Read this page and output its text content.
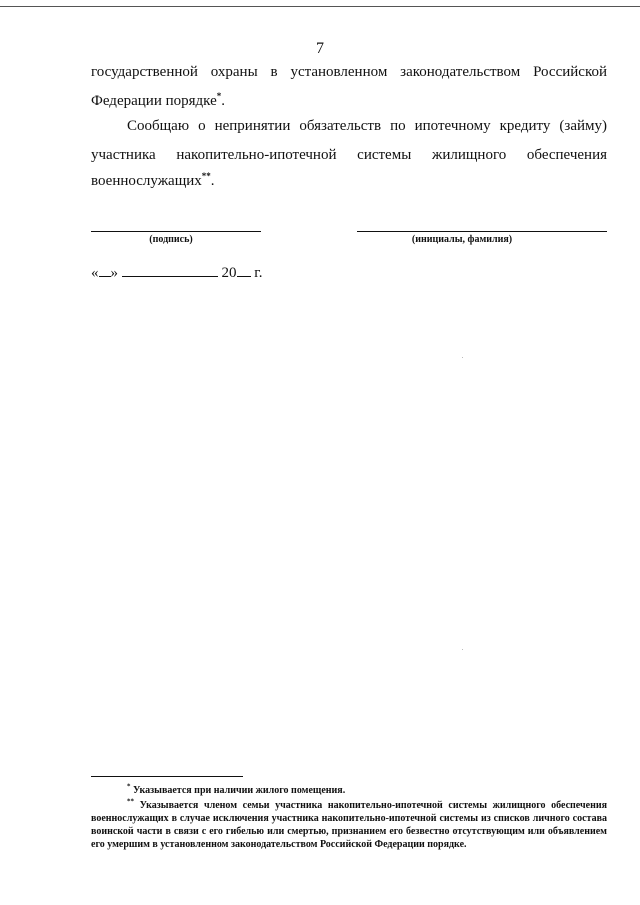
7
государственной охраны в установленном законодательством Российской
Федерации порядке*.
Сообщаю о непринятии обязательств по ипотечному кредиту (займу)
участника накопительно-ипотечной системы жилищного обеспечения
военнослужащих**.
(подпись)	(инициалы, фамилия)
« »	20 г.
* Указывается при наличии жилого помещения.
** Указывается членом семьи участника накопительно-ипотечной системы жилищного обеспечения
военнослужащих в случае исключения участника накопительно-ипотечной системы из списков личного состава
воинской части в связи с его гибелью или смертью, признанием его безвестно отсутствующим или объявлением
его умершим в установленном законодательством Российской Федерации порядке.
